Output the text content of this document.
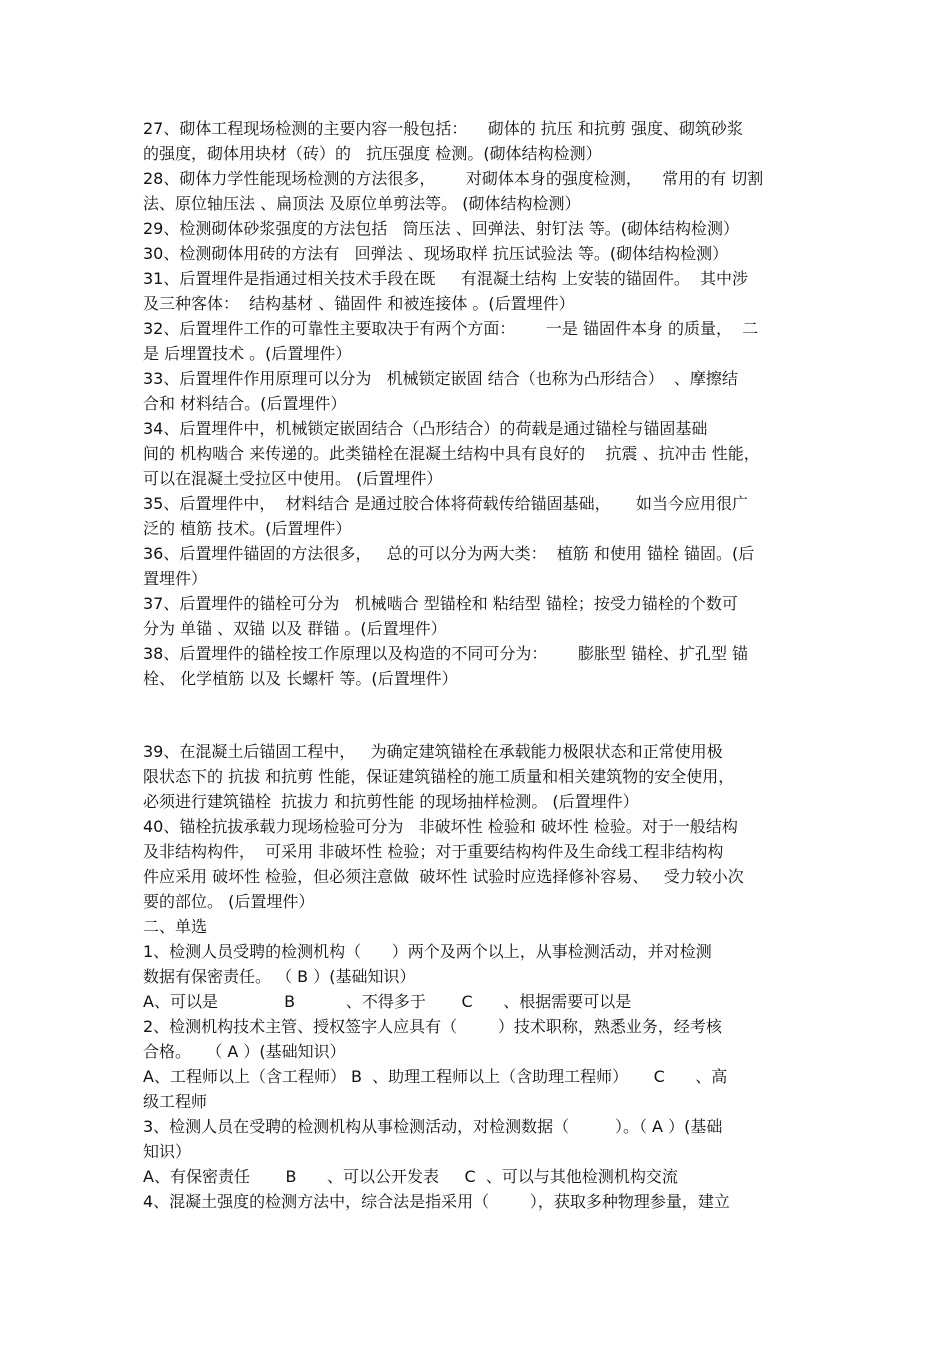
27、砌体工程现场检测的主要内容一般包括：    砌体的 抗压 和抗剪 强度、砌筑砂浆
的强度，砌体用块材（砖）的   抗压强度 检测。(砌体结构检测）
28、砌体力学性能现场检测的方法很多，      对砌体本身的强度检测，    常用的有 切割
法、原位轴压法 、扁顶法 及原位单剪法等。 (砌体结构检测）
29、检测砌体砂浆强度的方法包括   筒压法 、回弹法、射钉法 等。(砌体结构检测）
30、检测砌体用砖的方法有   回弹法 、现场取样 抗压试验法 等。(砌体结构检测）
31、后置埋件是指通过相关技术手段在既     有混凝土结构 上安装的锚固件。  其中涉
及三种客体：  结构基材 、锚固件 和被连接体 。(后置埋件）
32、后置埋件工作的可靠性主要取决于有两个方面：      一是 锚固件本身 的质量，  二
是 后埋置技术 。(后置埋件）
33、后置埋件作用原理可以分为   机械锁定嵌固 结合（也称为凸形结合）  、摩擦结
合和 材料结合。(后置埋件）
34、后置埋件中，机械锁定嵌固结合（凸形结合）的荷载是通过锚栓与锚固基础
间的 机构啮合 来传递的。此类锚栓在混凝土结构中具有良好的    抗震 、抗冲击 性能，
可以在混凝土受拉区中使用。 (后置埋件）
35、后置埋件中，  材料结合 是通过胶合体将荷载传给锚固基础，     如当今应用很广
泛的 植筋 技术。(后置埋件）
36、后置埋件锚固的方法很多，   总的可以分为两大类：  植筋 和使用 锚栓 锚固。(后
置埋件）
37、后置埋件的锚栓可分为   机械啮合 型锚栓和 粘结型 锚栓；按受力锚栓的个数可
分为 单锚 、双锚 以及 群锚 。(后置埋件）
38、后置埋件的锚栓按工作原理以及构造的不同可分为：      膨胀型 锚栓、扩孔型 锚
栓、 化学植筋 以及 长螺杆 等。(后置埋件）
39、在混凝土后锚固工程中，   为确定建筑锚栓在承载能力极限状态和正常使用极
限状态下的 抗拔 和抗剪 性能，保证建筑锚栓的施工质量和相关建筑物的安全使用，
必须进行建筑锚栓  抗拔力 和抗剪性能 的现场抽样检测。 (后置埋件）
40、锚栓抗拔承载力现场检验可分为   非破坏性 检验和 破坏性 检验。对于一般结构
及非结构构件，  可采用 非破坏性 检验；对于重要结构构件及生命线工程非结构构
件应采用 破坏性 检验，但必须注意做  破坏性 试验时应选择修补容易、   受力较小次
要的部位。 (后置埋件）
二、单选
1、检测人员受聘的检测机构（      ）两个及两个以上，从事检测活动，并对检测
数据有保密责任。 （ B ）(基础知识）
A、可以是             B          、不得多于       C      、根据需要可以是
2、检测机构技术主管、授权签字人应具有（        ）技术职称，熟悉业务，经考核
合格。   （ A ）(基础知识）
A、工程师以上（含工程师） B  、助理工程师以上（含助理工程师）     C      、高
级工程师
3、检测人员在受聘的检测机构从事检测活动，对检测数据（         ）。（ A ）(基础
知识）
A、有保密责任       B      、可以公开发表     C  、可以与其他检测机构交流
4、混凝土强度的检测方法中，综合法是指采用（        ），获取多种物理参量，建立
